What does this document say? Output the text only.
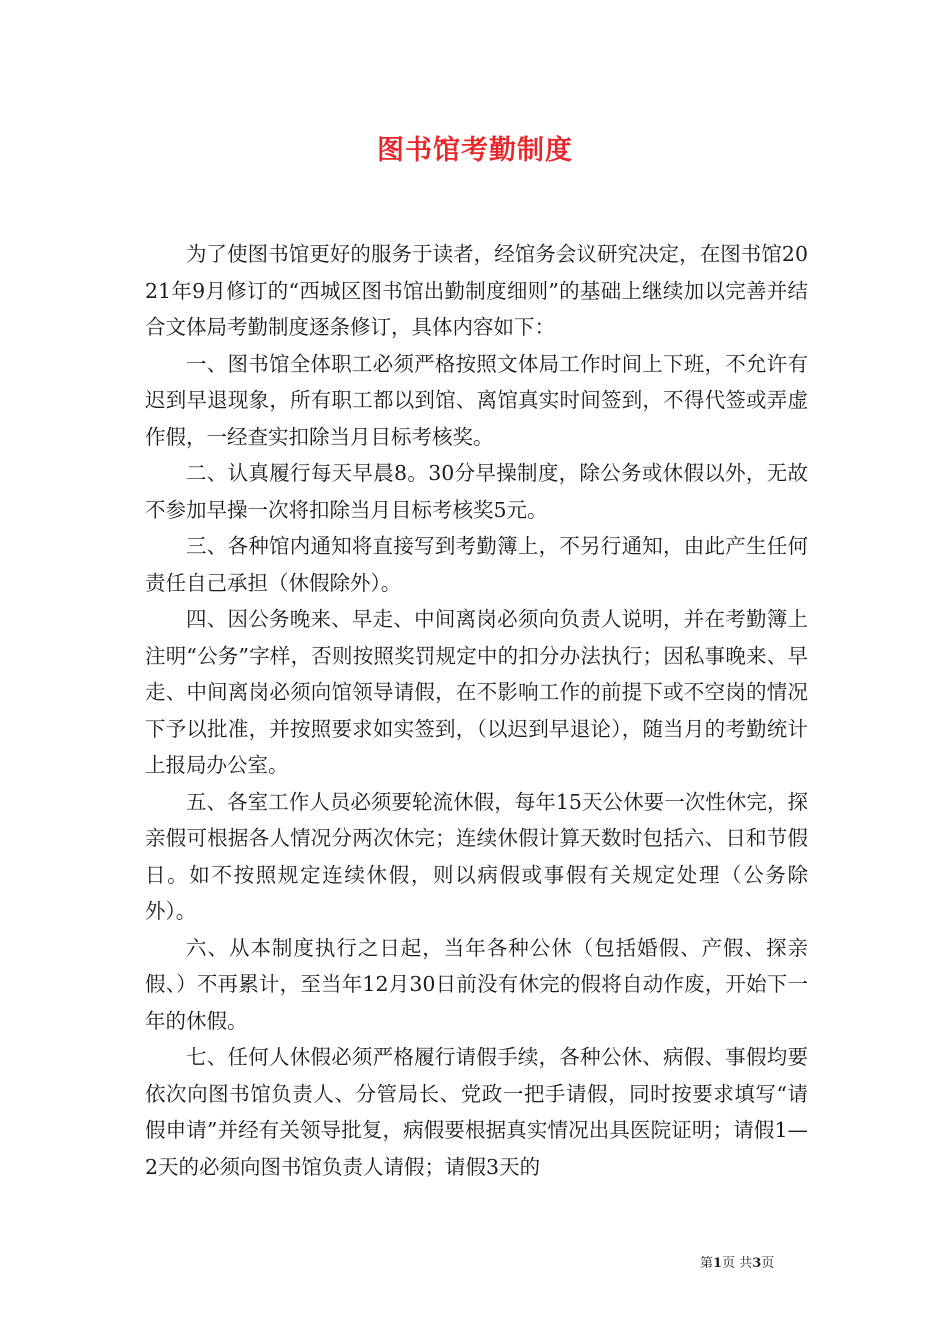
图书馆考勤制度

为了使图书馆更好的服务于读者，经馆务会议研究决定，在图书馆2021年9月修订的“西城区图书馆出勤制度细则”的基础上继续加以完善并结合文体局考勤制度逐条修订，具体内容如下：

一、图书馆全体职工必须严格按照文体局工作时间上下班，不允许有迟到早退现象，所有职工都以到馆、离馆真实时间签到，不得代签或弄虚作假，一经查实扣除当月目标考核奖。

二、认真履行每天早晨8。30分早操制度，除公务或休假以外，无故不参加早操一次将扣除当月目标考核奖5元。

三、各种馆内通知将直接写到考勤簿上，不另行通知，由此产生任何责任自己承担（休假除外）。

四、因公务晚来、早走、中间离岗必须向负责人说明，并在考勤簿上注明“公务”字样，否则按照奖罚规定中的扣分办法执行；因私事晚来、早走、中间离岗必须向馆领导请假，在不影响工作的前提下或不空岗的情况下予以批准，并按照要求如实签到，（以迟到早退论），随当月的考勤统计上报局办公室。

五、各室工作人员必须要轮流休假，每年15天公休要一次性休完，探亲假可根据各人情况分两次休完；连续休假计算天数时包括六、日和节假日。如不按照规定连续休假，则以病假或事假有关规定处理（公务除外）。

六、从本制度执行之日起，当年各种公休（包括婚假、产假、探亲假、）不再累计，至当年12月30日前没有休完的假将自动作废，开始下一年的休假。

七、任何人休假必须严格履行请假手续，各种公休、病假、事假均要依次向图书馆负责人、分管局长、党政一把手请假，同时按要求填写“请假申请”并经有关领导批复，病假要根据真实情况出具医院证明；请假1—2天的必须向图书馆负责人请假；请假3天的

第1页 共3页
